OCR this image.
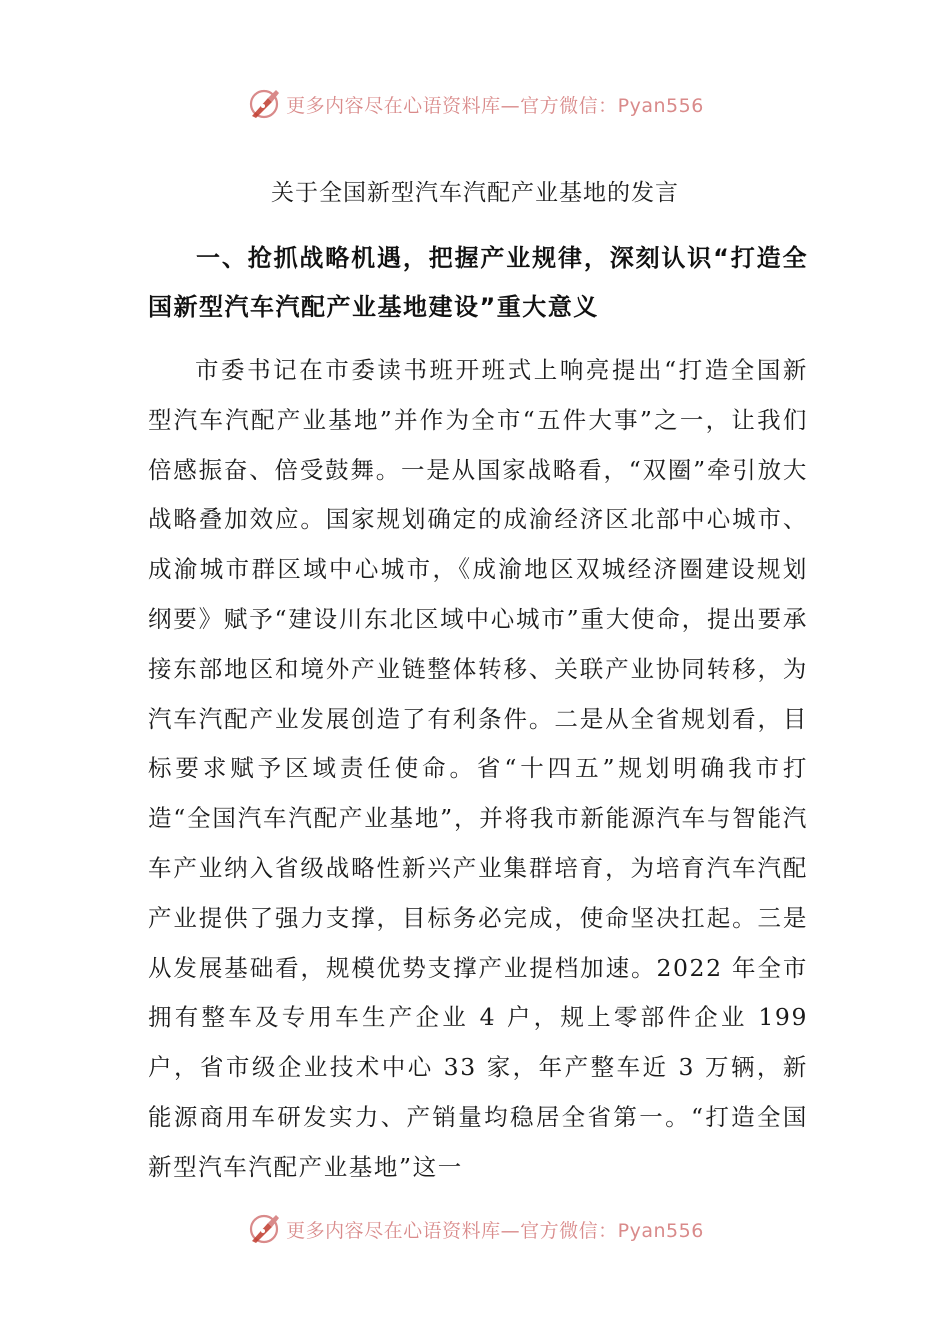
更多内容尽在心语资料库—官方微信：Pyan556
关于全国新型汽车汽配产业基地的发言
一、抢抓战略机遇，把握产业规律，深刻认识“打造全国新型汽车汽配产业基地建设”重大意义
市委书记在市委读书班开班式上响亮提出“打造全国新型汽车汽配产业基地”并作为全市“五件大事”之一，让我们倍感振奋、倍受鼓舞。一是从国家战略看，“双圈”牵引放大战略叠加效应。国家规划确定的成渝经济区北部中心城市、成渝城市群区域中心城市，《成渝地区双城经济圈建设规划纲要》赋予“建设川东北区域中心城市”重大使命，提出要承接东部地区和境外产业链整体转移、关联产业协同转移，为汽车汽配产业发展创造了有利条件。二是从全省规划看，目标要求赋予区域责任使命。省“十四五”规划明确我市打造“全国汽车汽配产业基地”，并将我市新能源汽车与智能汽车产业纳入省级战略性新兴产业集群培育，为培育汽车汽配产业提供了强力支撑，目标务必完成，使命坚决扛起。三是从发展基础看，规模优势支撑产业提档加速。2022 年全市拥有整车及专用车生产企业 4 户，规上零部件企业 199 户，省市级企业技术中心 33 家，年产整车近 3 万辆，新能源商用车研发实力、产销量均稳居全省第一。“打造全国新型汽车汽配产业基地”这一
更多内容尽在心语资料库—官方微信：Pyan556
